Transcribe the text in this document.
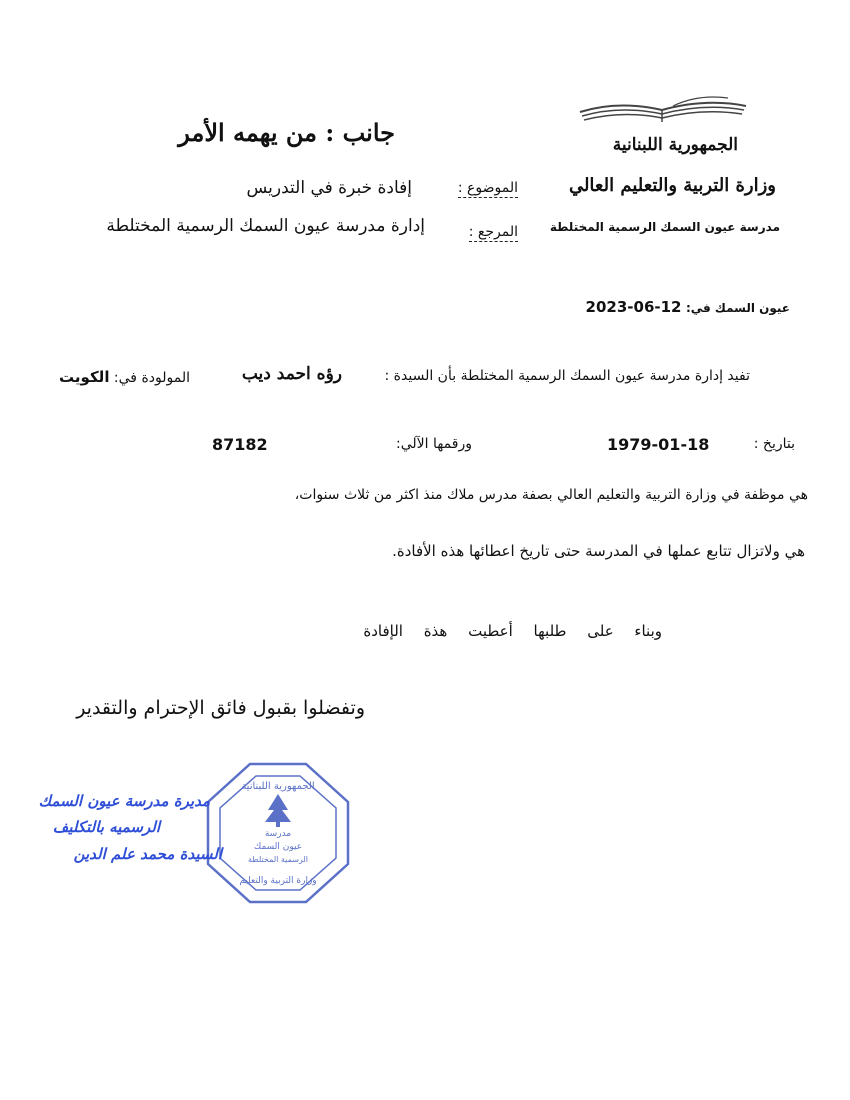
الجمهورية اللبنانية
وزارة التربية والتعليم العالي
مدرسة عيون السمك الرسمية المختلطة
جانب : من يهمه الأمر
الموضوع :
إفادة خبرة في التدريس
المرجع :
إدارة مدرسة عيون السمك الرسمية المختلطة
عيون السمك في: 2023-06-12
تفيد إدارة مدرسة عيون السمك الرسمية المختلطة بأن السيدة :
رؤه احمد ديب
المولودة في: الكويت
بتاريخ :
1979-01-18
ورقمها الآلي:
87182
هي موظفة في وزارة التربية والتعليم العالي بصفة مدرس ملاك منذ اكثر من ثلاث سنوات،
هي ولاتزال تتابع عملها في المدرسة حتى تاريخ اعطائها هذه الأفادة.
وبناء على طلبها أعطيت هذة الإفادة
وتفضلوا بقبول فائق الإحترام والتقدير
الجمهورية اللبنانية
مدرسة
عيون السمك
الرسمية المختلطة
وزارة التربية والتعليم
مديرة مدرسة عيون السمك
الرسميه بالتكليف
السيدة محمد علم الدين
